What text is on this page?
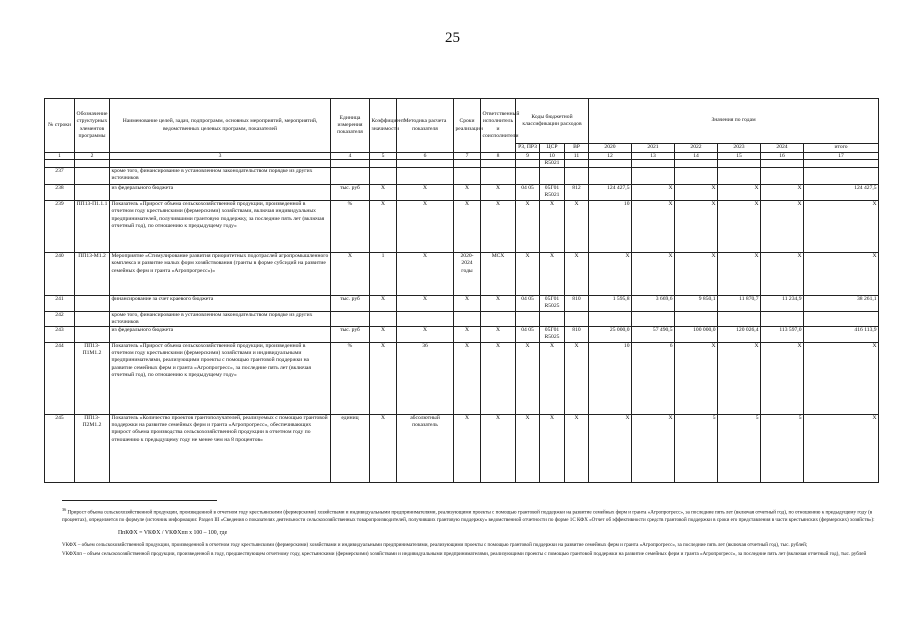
25
№ строки	Обозначение структурных элементов программы	Наименование целей, задач, подпрограмм, основных мероприятий, мероприятий, ведомственных целевых программ, показателей	Единица измерения показателя	Коэффициент значимости	Методика расчета показателя	Сроки реализации	Ответственный исполнитель и соисполнители	Коды бюджетной классификации расходов			Значения по годам					
								РЗ, ПРЗ	ЦСР	ВР	2020	2021	2022	2023	2024	итого
1	2	3	4	5	6	7	8	9	10	11	12	13	14	15	16	17
									R5021							
237		кроме того, финансирование в установленном законодательством порядке из других источников														
238		из федерального бюджета	тыс. руб	X	X	X	X	04 05	05Г01 R5021	812	124 427,5	X	X	X	X	124 427,5
239	ПП13-П1.1.1	Показатель «Прирост объема сельскохозяйственной продукции, произведенной в отчетном году крестьянскими (фермерскими) хозяйствами, включая индивидуальных предпринимателей, получившими грантовую поддержку, за последние пять лет (включая отчетный год), по отношению к предыдущему году»	%	X	X	X	X	X	X	X	10	X	X	X	X	X
240	ПП13-М1.2	Мероприятие «Стимулирование развития приоритетных подотраслей агропромышленного комплекса и развитие малых форм хозяйствования (гранты в форме субсидий на развитие семейных ферм и гранта «Агропрогресс»)»	X	1	X	2020-2024 годы	МСХ	X	X	X	X	X	X	X	X	X
241		финансирование за счет краевого бюджета	тыс. руб	X	X	X	X	04 05	05Г01 R5025	810	1 595,8	3 669,6	9 850,1	11 870,7	11 234,9	38 261,1
242		кроме того, финансирование в установленном законодательством порядке из других источников														
243		из федерального бюджета	тыс. руб	X	X	X	X	04 05	05Г01 R5025	810	25 000,0	57 490,5	100 000,0	120 026,4	113 597,0	416 113,9
244	ПП13-П1М1.2	Показатель «Прирост объема сельскохозяйственной продукции, произведенной в отчетном году крестьянскими (фермерскими) хозяйствами и индивидуальными предпринимателями, реализующими проекты с помощью грантовой поддержки на развитие семейных ферм и гранта «Агропрогресс», за последние пять лет (включая отчетный год), по отношению к предыдущему году»	%	X	36	X	X	X	X	X	10	6	X	X	X	X
245	ПП13-П2М1.2	Показатель «Количество проектов грантополучателей, реализуемых с помощью грантовой поддержки на развитие семейных ферм и гранта «Агропрогресс», обеспечивающих прирост объема производства сельскохозяйственной продукции в отчетном году по отношению к предыдущему году не менее чем на 8 процентов»	единиц	X	абсолютный показатель	X	X	X	X	X	X	X	5	5	5	X

$^{36}$ Прирост объема сельскохозяйственной продукции, произведенной в отчетном году крестьянскими (фермерскими) хозяйствами и индивидуальными предпринимателями, реализующими проекты с помощью грантовой поддержки на развитие семейных ферм и гранта «Агропрогресс», за последние пять лет (включая отчетный год), по отношению к предыдущему году (в процентах), определяется по формуле (источник информации: Раздел III «Сведения о показателях деятельности сельскохозяйственных товаропроизводителей, получивших грантовую поддержку» ведомственной отчетности по форме 1С КФХ «Отчет об эффективности средств грантовой поддержки в сроки его представления в части крестьянских (фермерских) хозяйств»):

ПпКФХ = VКФХ / VКФХпп х 100 – 100, где

VКФХ – объем сельскохозяйственной продукции, произведенной в отчетном году крестьянскими (фермерскими) хозяйствами и индивидуальными предпринимателями, реализующими проекты с помощью грантовой поддержки на развитие семейных ферм и гранта «Агропрогресс», за последние пять лет (включая отчетный год), тыс. рублей;

VКФХпп – объем сельскохозяйственной продукции, произведенной в году, предшествующем отчетному году, крестьянскими (фермерскими) хозяйствами и индивидуальными предпринимателями, реализующими проекты с помощью грантовой поддержки на развитие семейных ферм и гранта «Агропрогресс», за последние пять лет (включая отчетный год), тыс. рублей
